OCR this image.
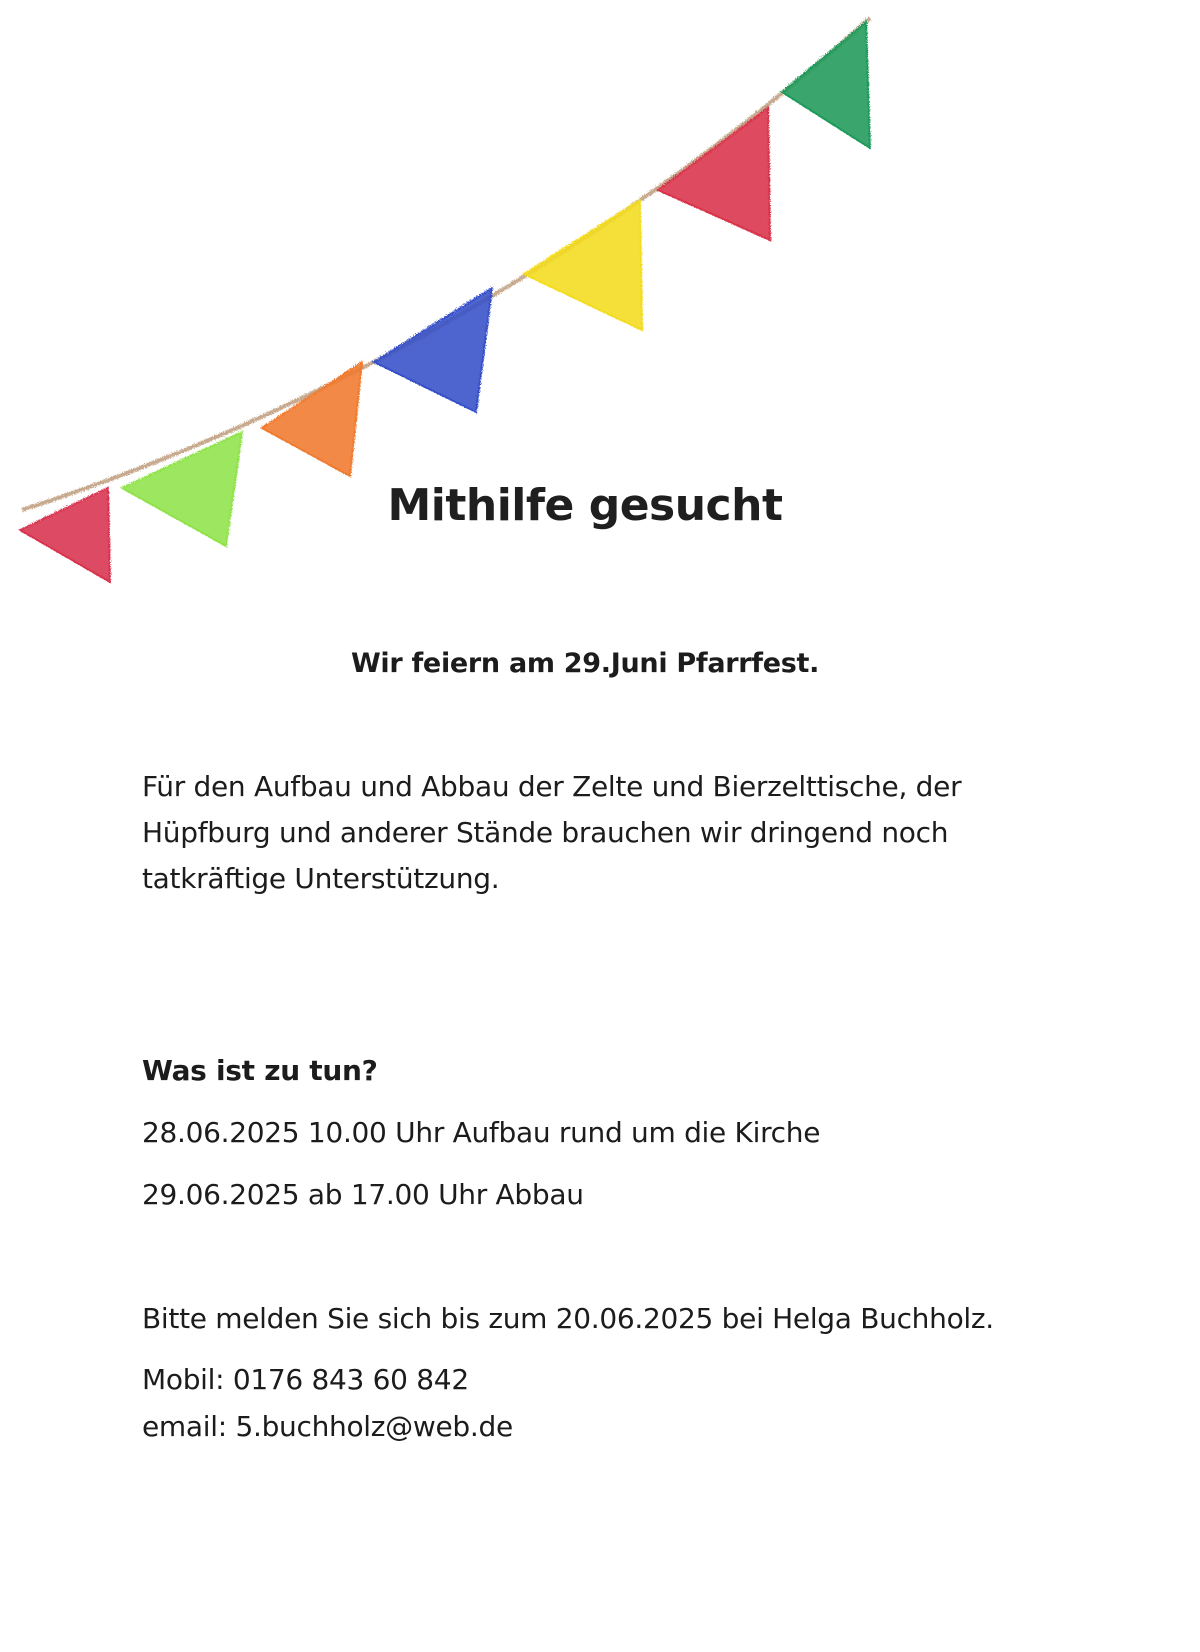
Mithilfe gesucht
Wir feiern am 29.Juni Pfarrfest.
Für den Aufbau und Abbau der Zelte und Bierzelttische, der
Hüpfburg und anderer Stände brauchen wir dringend noch
tatkräftige Unterstützung.
Was ist zu tun?
28.06.2025 10.00 Uhr Aufbau rund um die Kirche
29.06.2025 ab 17.00 Uhr Abbau
Bitte melden Sie sich bis zum 20.06.2025 bei Helga Buchholz.
Mobil: 0176 843 60 842
email: 5.buchholz@web.de
